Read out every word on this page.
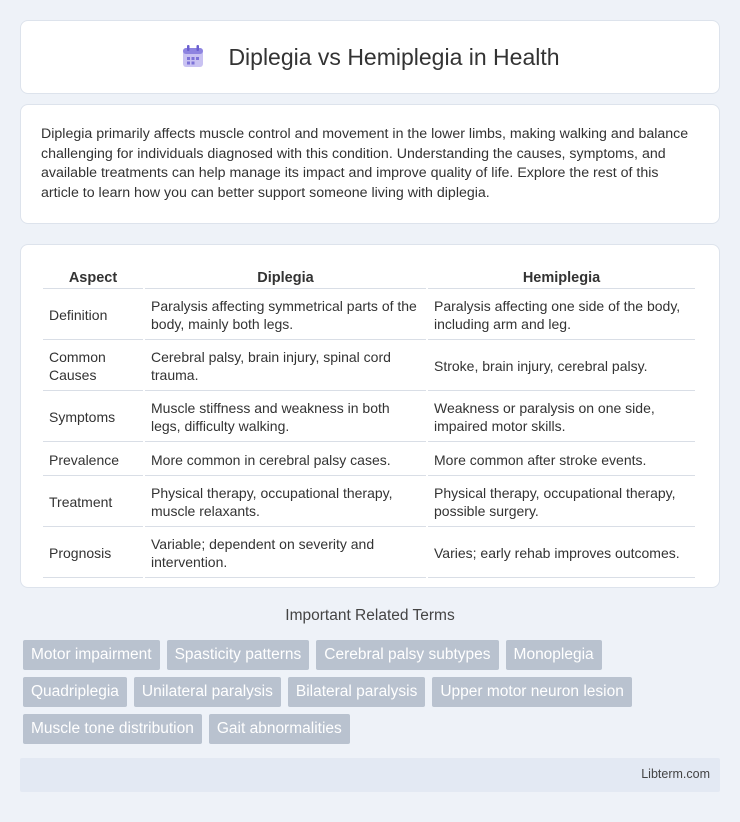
Diplegia vs Hemiplegia in Health

Diplegia primarily affects muscle control and movement in the lower limbs, making walking and balance challenging for individuals diagnosed with this condition. Understanding the causes, symptoms, and available treatments can help manage its impact and improve quality of life. Explore the rest of this article to learn how you can better support someone living with diplegia.

Aspect	Diplegia	Hemiplegia
Definition	Paralysis affecting symmetrical parts of the body, mainly both legs.	Paralysis affecting one side of the body, including arm and leg.
Common Causes	Cerebral palsy, brain injury, spinal cord trauma.	Stroke, brain injury, cerebral palsy.
Symptoms	Muscle stiffness and weakness in both legs, difficulty walking.	Weakness or paralysis on one side, impaired motor skills.
Prevalence	More common in cerebral palsy cases.	More common after stroke events.
Treatment	Physical therapy, occupational therapy, muscle relaxants.	Physical therapy, occupational therapy, possible surgery.
Prognosis	Variable; dependent on severity and intervention.	Varies; early rehab improves outcomes.
Important Related Terms
Motor impairment	Spasticity patterns	Cerebral palsy subtypes	Monoplegia
Quadriplegia	Unilateral paralysis	Bilateral paralysis	Upper motor neuron lesion
Muscle tone distribution	Gait abnormalities
Libterm.com
